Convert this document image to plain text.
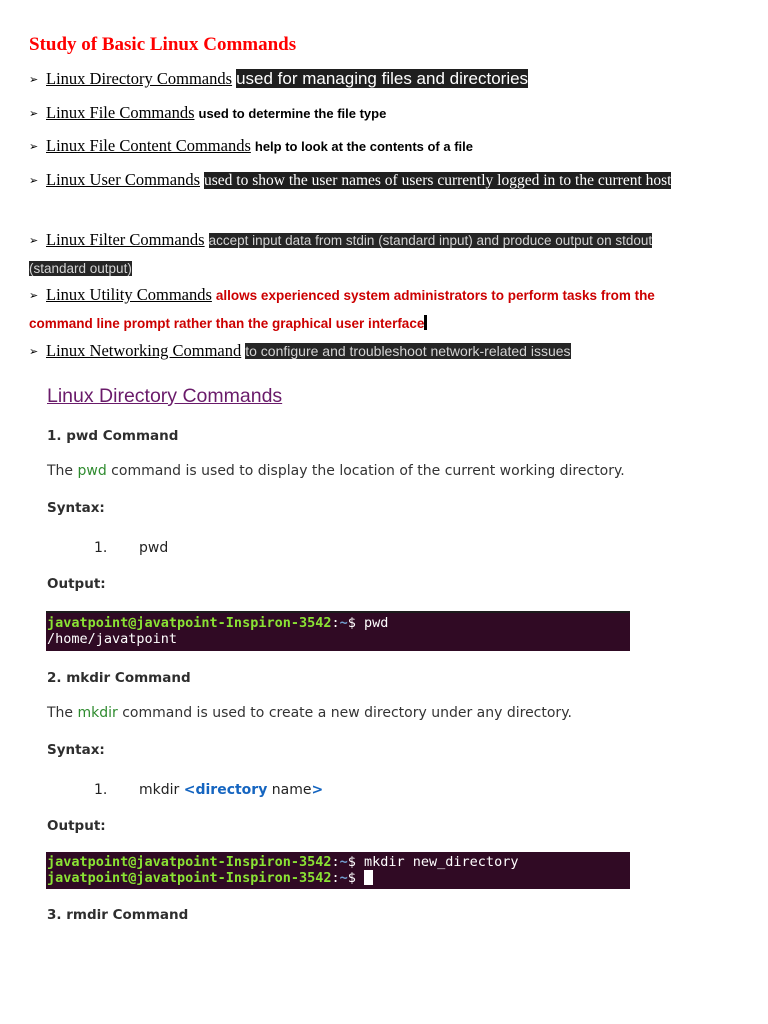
Study of Basic Linux Commands
➢ Linux Directory Commands used for managing files and directories
➢ Linux File Commands used to determine the file type
➢ Linux File Content Commands help to look at the contents of a file
➢ Linux User Commands used to show the user names of users currently logged in to the current host
➢ Linux Filter Commands accept input data from stdin (standard input) and produce output on stdout (standard output)
➢ Linux Utility Commands allows experienced system administrators to perform tasks from the command line prompt rather than the graphical user interface
➢ Linux Networking Command to configure and troubleshoot network-related issues
Linux Directory Commands
1. pwd Command
The pwd command is used to display the location of the current working directory.
Syntax:
1. pwd
Output:
javatpoint@javatpoint-Inspiron-3542:~$ pwd
/home/javatpoint
2. mkdir Command
The mkdir command is used to create a new directory under any directory.
Syntax:
1. mkdir <directory name>
Output:
javatpoint@javatpoint-Inspiron-3542:~$ mkdir new_directory
javatpoint@javatpoint-Inspiron-3542:~$
3. rmdir Command
